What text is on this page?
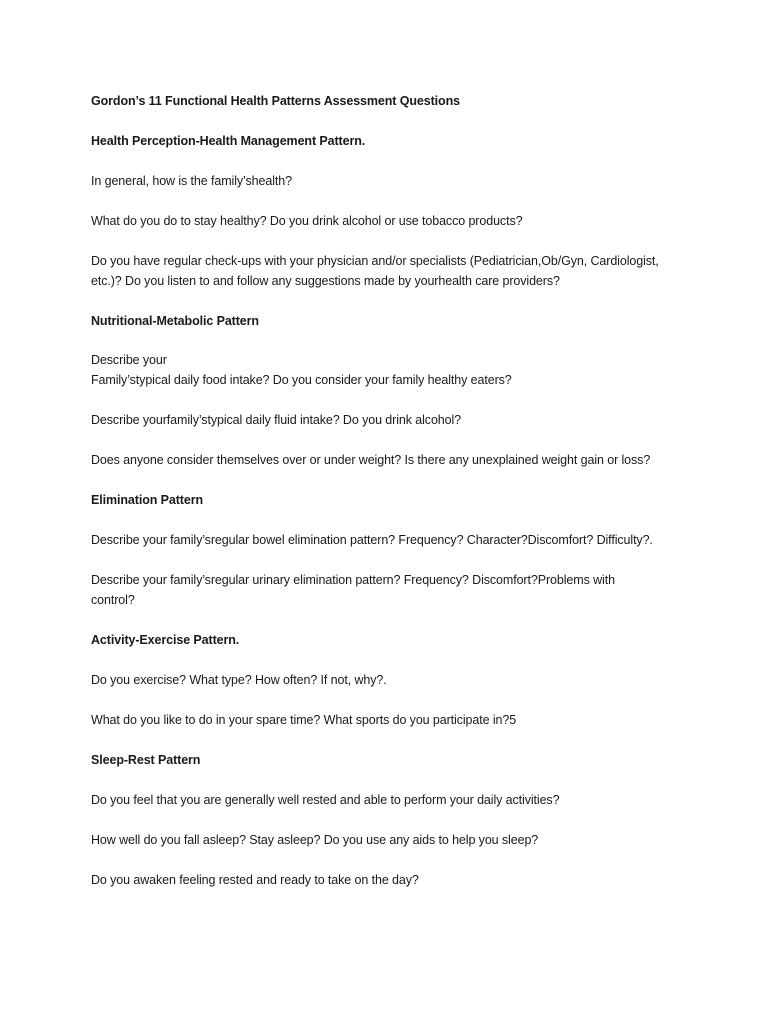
Gordon’s 11 Functional Health Patterns Assessment Questions

Health Perception-Health Management Pattern.

In general, how is the family’shealth?

What do you do to stay healthy? Do you drink alcohol or use tobacco products?

Do you have regular check-ups with your physician and/or specialists (Pediatrician,Ob/Gyn, Cardiologist,

etc.)? Do you listen to and follow any suggestions made by yourhealth care providers?

Nutritional-Metabolic Pattern

Describe your

Family’stypical daily food intake? Do you consider your family healthy eaters?

Describe yourfamily’stypical daily fluid intake? Do you drink alcohol?

Does anyone consider themselves over or under weight? Is there any unexplained weight gain or loss?

Elimination Pattern

Describe your family’sregular bowel elimination pattern? Frequency? Character?Discomfort? Difficulty?.

Describe your family’sregular urinary elimination pattern? Frequency? Discomfort?Problems with

control?

Activity-Exercise Pattern.

Do you exercise? What type? How often? If not, why?.

What do you like to do in your spare time? What sports do you participate in?5

Sleep-Rest Pattern

Do you feel that you are generally well rested and able to perform your daily activities?

How well do you fall asleep? Stay asleep? Do you use any aids to help you sleep?

Do you awaken feeling rested and ready to take on the day?
